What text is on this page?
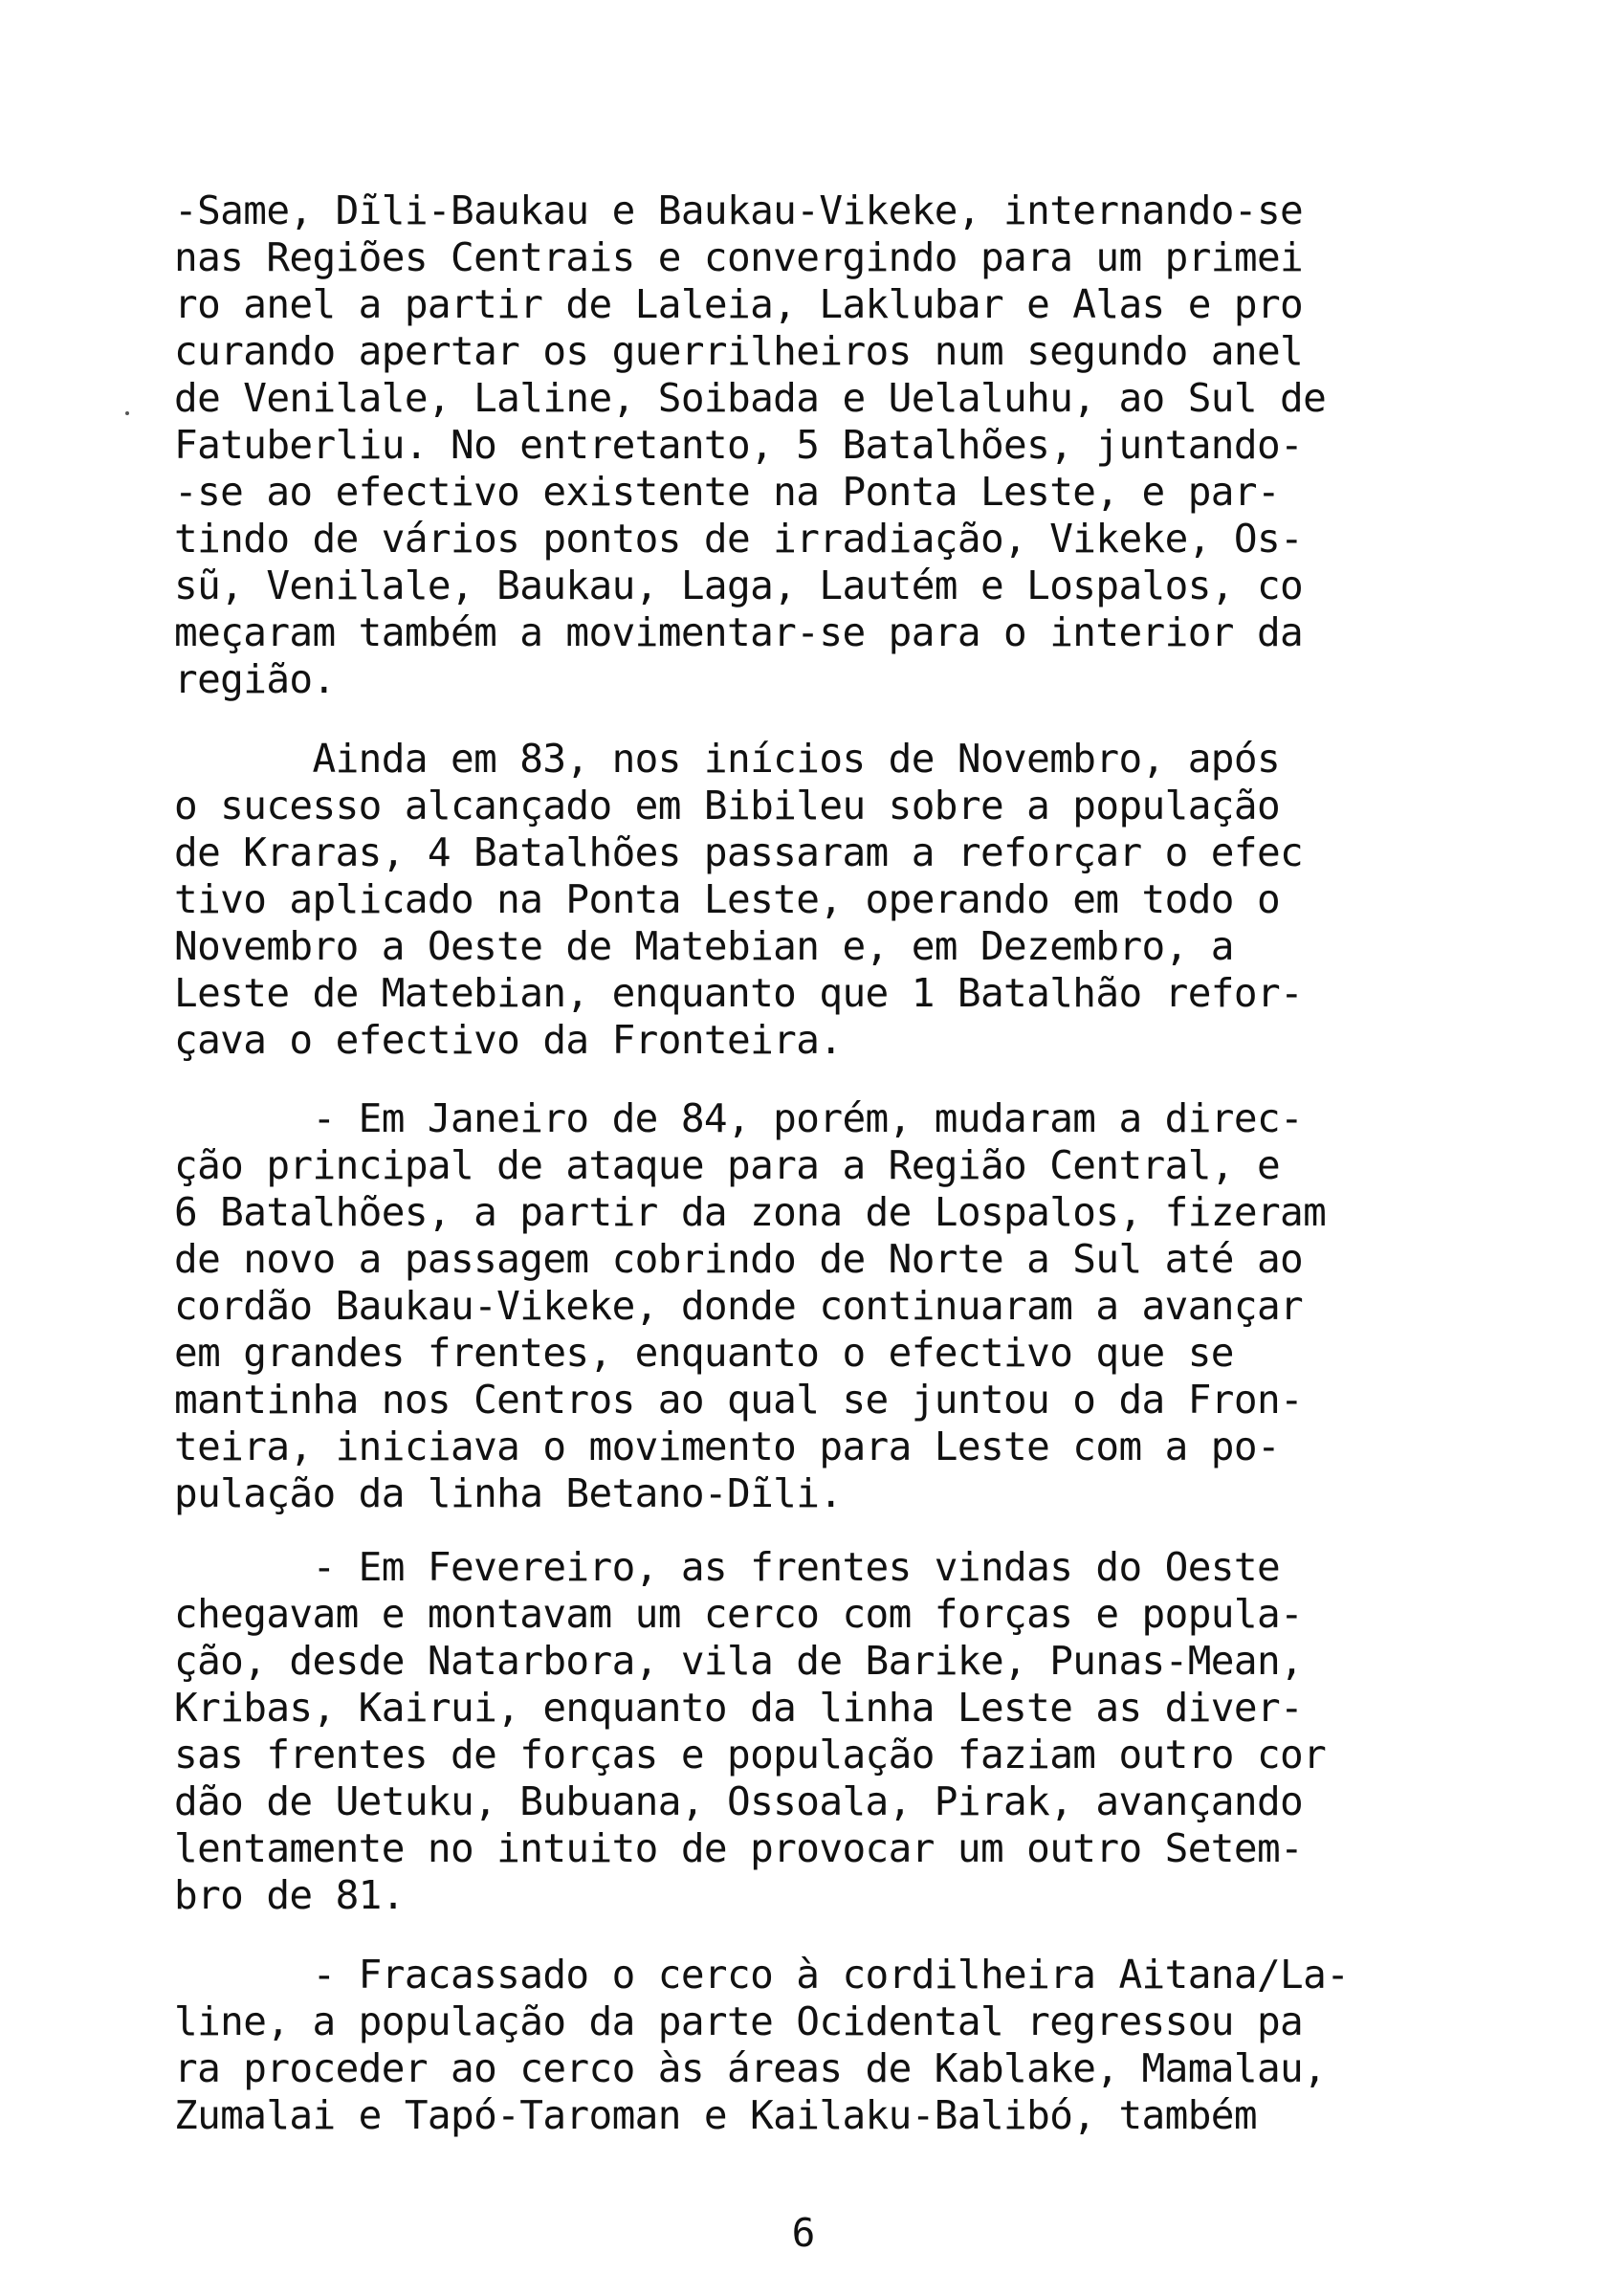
-Same, Dĩli-Baukau e Baukau-Vikeke, internando-se
nas Regiões Centrais e convergindo para um primei
ro anel a partir de Laleia, Laklubar e Alas e pro
curando apertar os guerrilheiros num segundo anel
de Venilale, Laline, Soibada e Uelaluhu, ao Sul de
Fatuberliu. No entretanto, 5 Batalhões, juntando-
-se ao efectivo existente na Ponta Leste, e par-
tindo de vários pontos de irradiação, Vikeke, Os-
sũ, Venilale, Baukau, Laga, Lautém e Lospalos, co
meçaram também a movimentar-se para o interior da
região.
Ainda em 83, nos inícios de Novembro, após
o sucesso alcançado em Bibileu sobre a população
de Kraras, 4 Batalhões passaram a reforçar o efec
tivo aplicado na Ponta Leste, operando em todo o
Novembro a Oeste de Matebian e, em Dezembro, a
Leste de Matebian, enquanto que 1 Batalhão refor-
çava o efectivo da Fronteira.
- Em Janeiro de 84, porém, mudaram a direc-
ção principal de ataque para a Região Central, e
6 Batalhões, a partir da zona de Lospalos, fizeram
de novo a passagem cobrindo de Norte a Sul até ao
cordão Baukau-Vikeke, donde continuaram a avançar
em grandes frentes, enquanto o efectivo que se
mantinha nos Centros ao qual se juntou o da Fron-
teira, iniciava o movimento para Leste com a po-
pulação da linha Betano-Dĩli.
- Em Fevereiro, as frentes vindas do Oeste
chegavam e montavam um cerco com forças e popula-
ção, desde Natarbora, vila de Barike, Punas-Mean,
Kribas, Kairui, enquanto da linha Leste as diver-
sas frentes de forças e população faziam outro cor
dão de Uetuku, Bubuana, Ossoala, Pirak, avançando
lentamente no intuito de provocar um outro Setem-
bro de 81.
- Fracassado o cerco à cordilheira Aitana/La-
line, a população da parte Ocidental regressou pa
ra proceder ao cerco às áreas de Kablake, Mamalau,
Zumalai e Tapó-Taroman e Kailaku-Balibó, também
6
